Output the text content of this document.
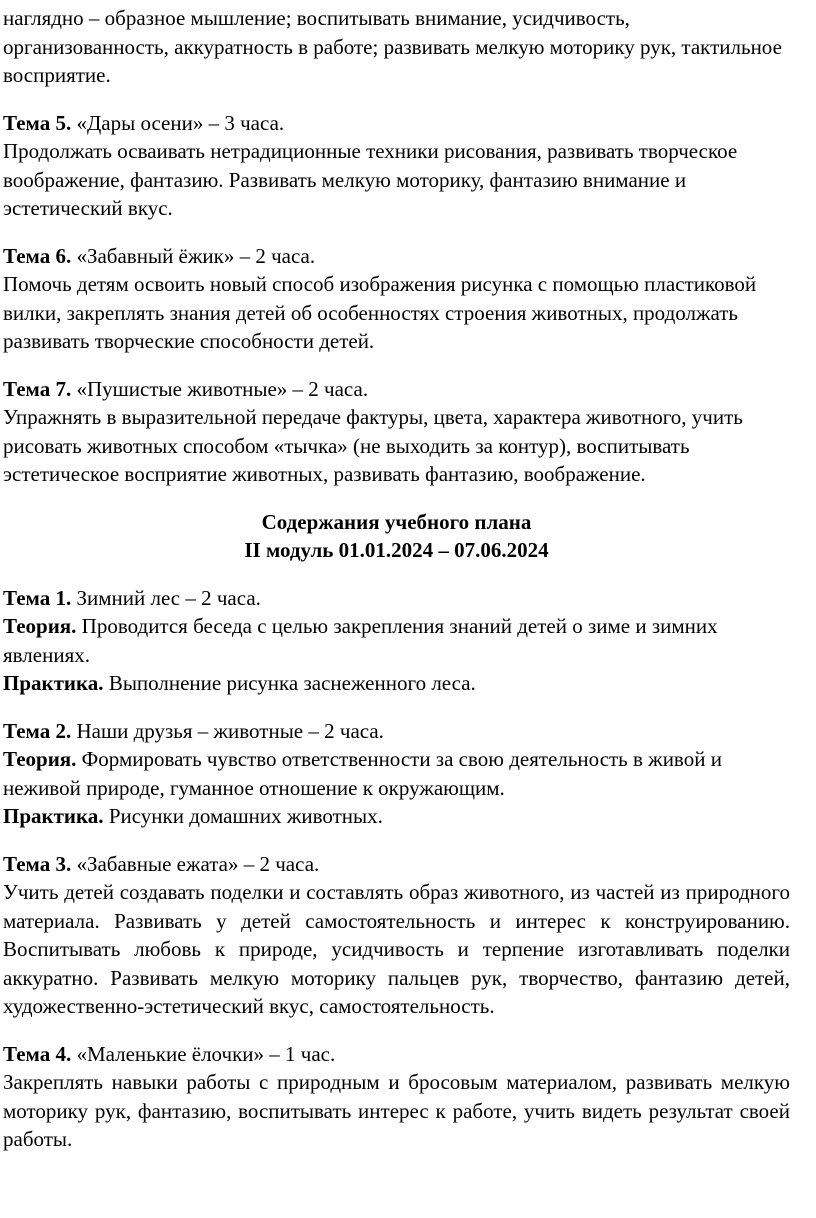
наглядно – образное мышление; воспитывать внимание, усидчивость, организованность, аккуратность в работе; развивать мелкую моторику рук, тактильное восприятие.

Тема 5. «Дары осени» – 3 часа.

Продолжать осваивать нетрадиционные техники рисования, развивать творческое воображение, фантазию. Развивать мелкую моторику, фантазию внимание и эстетический вкус.

Тема 6. «Забавный ёжик» – 2 часа.

Помочь детям освоить новый способ изображения рисунка с помощью пластиковой вилки, закреплять знания детей об особенностях строения животных, продолжать развивать творческие способности детей.

Тема 7. «Пушистые животные» – 2 часа.

Упражнять в выразительной передаче фактуры, цвета, характера животного, учить рисовать животных способом «тычка» (не выходить за контур), воспитывать эстетическое восприятие животных, развивать фантазию, воображение.

Содержания учебного плана

II модуль 01.01.2024 – 07.06.2024

Тема 1. Зимний лес – 2 часа.

Теория. Проводится беседа с целью закрепления знаний детей о зиме и зимних явлениях.

Практика. Выполнение рисунка заснеженного леса.

Тема 2. Наши друзья – животные – 2 часа.

Теория. Формировать чувство ответственности за свою деятельность в живой и неживой природе, гуманное отношение к окружающим.

Практика. Рисунки домашних животных.

Тема 3. «Забавные ежата» – 2 часа.

Учить детей создавать поделки и составлять образ животного, из частей из природного материала. Развивать у детей самостоятельность и интерес к конструированию. Воспитывать любовь к природе, усидчивость и терпение изготавливать поделки аккуратно. Развивать мелкую моторику пальцев рук, творчество, фантазию детей, художественно-эстетический вкус, самостоятельность.

Тема 4. «Маленькие ёлочки» – 1 час.

Закреплять навыки работы с природным и бросовым материалом, развивать мелкую моторику рук, фантазию, воспитывать интерес к работе, учить видеть результат своей работы.
